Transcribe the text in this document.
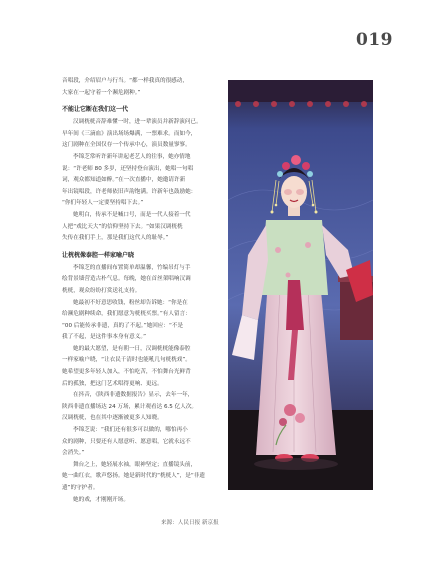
019

音唱段，介绍眉户与行当。“都一样我真的很感动，

大家在一起守着一个濒危剧种。”

不能让它断在我们这一代

汉调桄桄音辞难懂一时，进一辈演员并新辞演问已。

早年间《三滴血》演出场场爆满，一票难求。而如今，

这门剧种在全国仅存一个传承中心，演员数量寥寥。

李锦芝常听许新年讲起老艺人的往事，她亦情地

说：“许老师 80 多岁，还坚持登台演出，她唱一句唱

词，观众都知道如醉。”在一次直播中，她邀请许新

年出镜唱段，许老师依旧声韵饱满。许新年也鼓励她：

“你们年轻人一定要坚持唱下去。”

她明白，传承不是喊口号，而是一代人接着一代

人把“戏比天大”的信仰坚持下去。“如果汉调桄桄

失传在我们手上，那是我们这代人的耻辱。”

让桄桄像泰腔一样家喻户晓

李锦芝的直播间布置简单却温馨，竹编吊灯与手

绘背景墙营造古朴气息。每晚，她在首丝架唱响汉调

桄桄，观众纷纷打赏送礼支持。

她最初不好意思收钱，粉丝却告诉她：“你是在

给濒危剧种续命，我们愿意为桄桄买票。”有人留言：

“00 后能传承非遗，真的了不起。”她回应：“不是

我了不起，是这件事本身有意义。”

她的最大愿望，是有朝一日，汉调桄桄能像泰腔

一样家喻户晓，“让衣民千清时也能吼几句桄桄戏”。

她希望更多年轻人加入，不怕吃苦，不怕舞台光鲜背

后的孤独，把这门艺术唱得更响、更远。

在抖音，《陕西非遗数据报告》显示，去年一年，

陕西非遗直播场达 24 万场，累计观看达 6.5 亿人次。

汉调桄桄，也在其中逐渐被更多人知晓。

李锦芝说：“我们还有很多可以做的，哪怕再小

众的剧种，只要还有人愿意听、愿意唱，它就永远不

会消失。”

舞台之上，她轻展水袖，眼神坚定；直播镜头前，

她一曲红衣，歌声悠扬。她是新时代的“桄桄人”，是“非遗

遗”的守护者。

她的戏，才刚刚开场。

来源：人民日报 新京报
